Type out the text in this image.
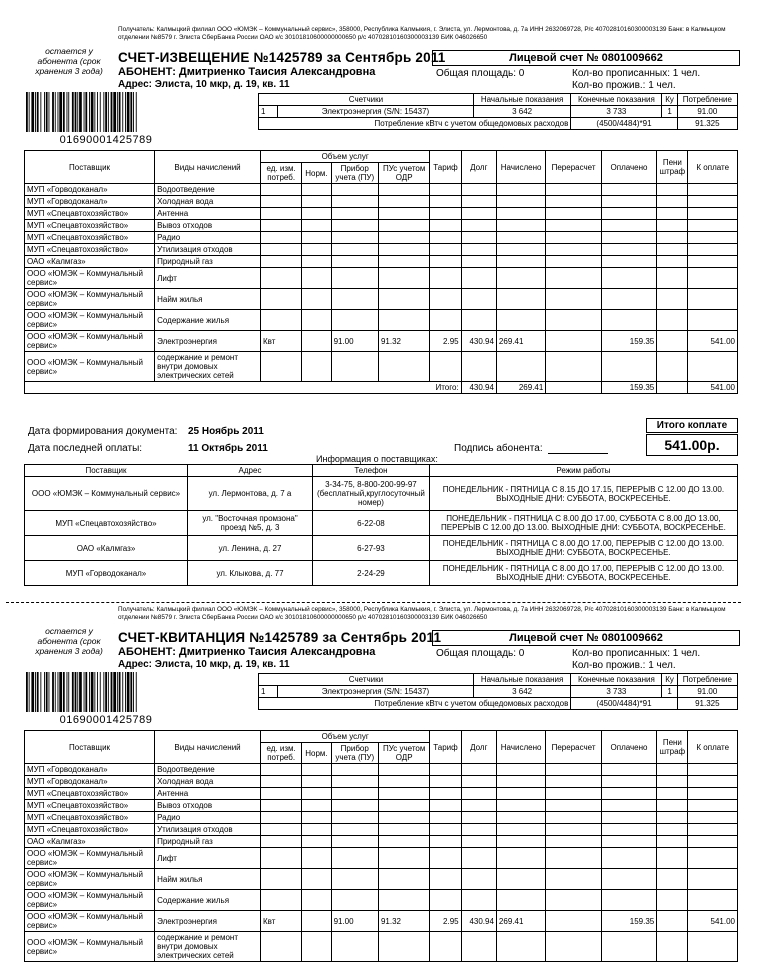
Получатель: Калмыцкий филиал ООО «ЮМЭК – Коммунальный сервис», 358000, Республика Калмыкия, г. Элиста, ул. Лермонтова, д. 7а ИНН 2632069728, Р/с 40702810160300003139 Банк: в Калмыцком отделении №8579 г. Элиста СберБанка России ОАО к/с 30101810600000000650 р/с 40702810160300003139 БИК 046026650
остается у абонента (срок хранения 3 года)
СЧЕТ-ИЗВЕЩЕНИЕ №1425789 за Сентябрь 2011	Лицевой счет № 0801009662
АБОНЕНТ: Дмитриенко Таисия Александровна	Общая площадь: 0	Кол-во прописанных: 1 чел.
Адрес: Элиста, 10 мкр, д. 19, кв. 11	Кол-во прожив.: 1 чел.
01690001425789
Счетчики		Начальные показания	Конечные показания	Ку	Потребление
1	Электроэнергия (S/N: 15437)	3 642	3 733	1	91.00
Потребление кВтч с учетом общедомовых расходов			(4500/4484)*91		91.325
Поставщик	Виды начислений	Объем услуг				Тариф	Долг	Начислено	Перерасчет	Оплачено	Пени штраф	К оплате
		ед. изм. потреб.	Норм.	Прибор учета (ПУ)	ПУс учетом ОДР							
МУП «Горводоканал»	Водоотведение											
МУП «Горводоканал»	Холодная вода											
МУП «Спецавтохозяйство»	Антенна											
МУП «Спецавтохозяйство»	Вывоз отходов											
МУП «Спецавтохозяйство»	Радио											
МУП «Спецавтохозяйство»	Утилизация отходов											
ОАО «Калмгаз»	Природный газ											
ООО «ЮМЭК – Коммунальный сервис»	Лифт											
ООО «ЮМЭК – Коммунальный сервис»	Найм жилья											
ООО «ЮМЭК – Коммунальный сервис»	Содержание жилья											
ООО «ЮМЭК – Коммунальный сервис»	Электроэнергия	Квт		91.00	91.32	2.95	430.94	269.41		159.35		541.00
ООО «ЮМЭК – Коммунальный сервис»	содержание и ремонт внутри домовых электрических сетей											
Итого:							430.94	269.41		159.35		541.00
Дата формирования документа: 25 Ноябрь 2011
Дата последней оплаты:	11 Октябрь 2011	Подпись абонента:
Итого коплате
541.00р.
Информация о поставщиках:
Поставщик	Адрес	Телефон	Режим работы
ООО «ЮМЭК – Коммунальный сервис»	ул. Лермонтова, д. 7 а	3-34-75, 8-800-200-99-97 (бесплатный,круглосуточный номер)	ПОНЕДЕЛЬНИК - ПЯТНИЦА С 8.15 ДО 17.15, ПЕРЕРЫВ С 12.00 ДО 13.00. ВЫХОДНЫЕ ДНИ: СУББОТА, ВОСКРЕСЕНЬЕ.
МУП «Спецавтохозяйство»	ул. "Восточная промзона" проезд №5, д. 3	6-22-08	ПОНЕДЕЛЬНИК - ПЯТНИЦА С 8.00 ДО 17.00, СУББОТА С 8.00 ДО 13.00, ПЕРЕРЫВ С 12.00 ДО 13.00. ВЫХОДНЫЕ ДНИ: СУББОТА, ВОСКРЕСЕНЬЕ.
ОАО «Калмгаз»	ул. Ленина, д. 27	6-27-93	ПОНЕДЕЛЬНИК - ПЯТНИЦА С 8.00 ДО 17.00, ПЕРЕРЫВ С 12.00 ДО 13.00. ВЫХОДНЫЕ ДНИ: СУББОТА, ВОСКРЕСЕНЬЕ.
МУП «Горводоканал»	ул. Клыкова, д. 77	2-24-29	ПОНЕДЕЛЬНИК - ПЯТНИЦА С 8.00 ДО 17.00, ПЕРЕРЫВ С 12.00 ДО 13.00. ВЫХОДНЫЕ ДНИ: СУББОТА, ВОСКРЕСЕНЬЕ.
Получатель: Калмыцкий филиал ООО «ЮМЭК – Коммунальный сервис», 358000, Республика Калмыкия, г. Элиста, ул. Лермонтова, д. 7а ИНН 2632069728, Р/с 40702810160300003139 Банк: в Калмыцком отделении №8579 г. Элиста СберБанка России ОАО к/с 30101810600000000650 р/с 40702810160300003139 БИК 046026650
остается у абонента (срок хранения 3 года)
СЧЕТ-КВИТАНЦИЯ №1425789 за Сентябрь 2011	Лицевой счет № 0801009662
АБОНЕНТ: Дмитриенко Таисия Александровна	Общая площадь: 0	Кол-во прописанных: 1 чел.
Адрес: Элиста, 10 мкр, д. 19, кв. 11	Кол-во прожив.: 1 чел.
01690001425789
Счетчики		Начальные показания	Конечные показания	Ку	Потребление
1	Электроэнергия (S/N: 15437)	3 642	3 733	1	91.00
Потребление кВтч с учетом общедомовых расходов			(4500/4484)*91		91.325
Поставщик	Виды начислений	Объем услуг				Тариф	Долг	Начислено	Перерасчет	Оплачено	Пени штраф	К оплате
		ед. изм. потреб.	Норм.	Прибор учета (ПУ)	ПУс учетом ОДР							
МУП «Горводоканал»	Водоотведение											
МУП «Горводоканал»	Холодная вода											
МУП «Спецавтохозяйство»	Антенна											
МУП «Спецавтохозяйство»	Вывоз отходов											
МУП «Спецавтохозяйство»	Радио											
МУП «Спецавтохозяйство»	Утилизация отходов											
ОАО «Калмгаз»	Природный газ											
ООО «ЮМЭК – Коммунальный сервис»	Лифт											
ООО «ЮМЭК – Коммунальный сервис»	Найм жилья											
ООО «ЮМЭК – Коммунальный сервис»	Содержание жилья											
ООО «ЮМЭК – Коммунальный сервис»	Электроэнергия	Квт		91.00	91.32	2.95	430.94	269.41		159.35		541.00
ООО «ЮМЭК – Коммунальный сервис»	содержание и ремонт внутри домовых электрических сетей											
